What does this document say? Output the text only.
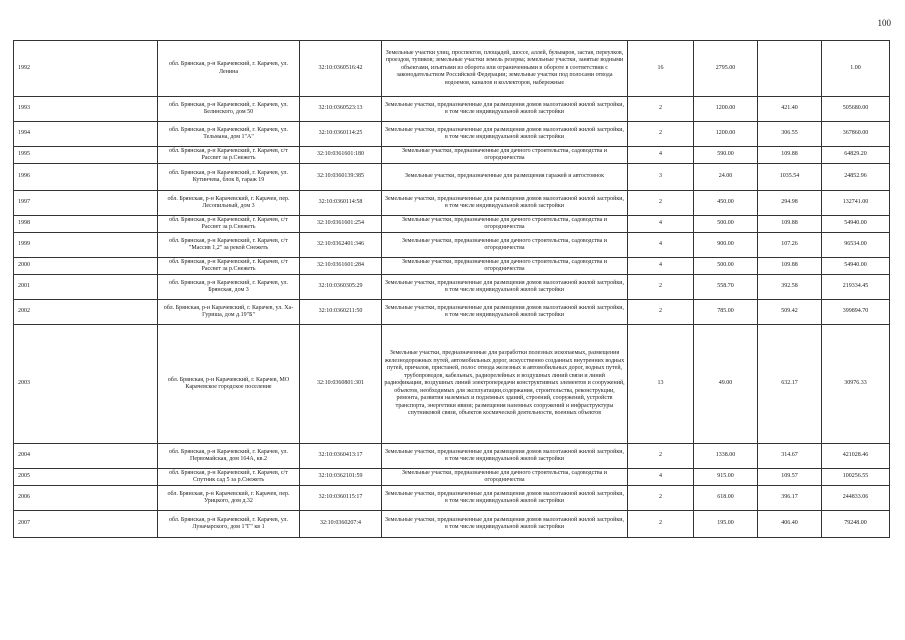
100
1992	обл. Брянская, р-н Карачевский, г. Карачев, ул. Ленина	32:10:0360516:42	Земельные участки улиц, проспектов, площадей, шоссе, аллей, бульваров, застав, переулков, проездов, тупиков; земельные участки земель резерва; земельные участки, занятые водными объектами, изъятыми из оборота или ограниченными в обороте в соответствии с законодательством Российской Федерации; земельные участки под полосами отвода водоемов, каналов и коллекторов, набережные	16	2795.00		1.00
1993	обл. Брянская, р-н Карачевский, г. Карачев, ул. Белинского, дом 50	32:10:0360523:13	Земельные участки, предназначенные для размещения домов малоэтажной жилой застройки, в том числе индивидуальной жилой застройки	2	1200.00	421.40	505680.00
1994	обл. Брянская, р-н Карачевский, г. Карачев, ул. Тельмана, дом 1"А"	32:10:0360114:25	Земельные участки, предназначенные для размещения домов малоэтажной жилой застройки, в том числе индивидуальной жилой застройки	2	1200.00	306.55	367860.00
1995	обл. Брянская, р-н Карачевский, г. Карачев, с/т Рассвет за р.Снежеть	32:10:0361601:180	Земельные участки, предназначенные для дачного строительства, садоводства и огородничества	4	590.00	109.88	64829.20
1996	обл. Брянская, р-н Карачевский, г. Карачев, ул. Кутинчева, блок 8, гараж 19	32:10:0360139:385	Земельные участки, предназначенные для размещения гаражей и автостоянок	3	24.00	1035.54	24852.96
1997	обл. Брянская, р-н Карачевский, г. Карачев, пер. Лесопильный, дом 3	32:10:0360114:58	Земельные участки, предназначенные для размещения домов малоэтажной жилой застройки, в том числе индивидуальной жилой застройки	2	450.00	294.98	132741.00
1998	обл. Брянская, р-н Карачевский, г. Карачев, с/т Рассвет за р.Снежеть	32:10:0361601:254	Земельные участки, предназначенные для дачного строительства, садоводства и огородничества	4	500.00	109.88	54940.00
1999	обл. Брянская, р-н Карачевский, г. Карачев, с/т "Массив 1,2" за рекой Снежеть	32:10:0362401:346	Земельные участки, предназначенные для дачного строительства, садоводства и огородничества	4	900.00	107.26	96534.00
2000	обл. Брянская, р-н Карачевский, г. Карачев, с/т Рассвет за р.Снежеть	32:10:0361601:284	Земельные участки, предназначенные для дачного строительства, садоводства и огородничества	4	500.00	109.88	54940.00
2001	обл. Брянская, р-н Карачевский, г. Карачев, ул. Брянская, дом 3	32:10:0360305:29	Земельные участки, предназначенные для размещения домов малоэтажной жилой застройки, в том числе индивидуальной жилой застройки	2	558.70	392.58	219334.45
2002	обл. Брянская, р-н Карачевский, г. Карачев, ул. Ха-Гуриша, дом д.19"Б"	32:10:0360211:50	Земельные участки, предназначенные для размещения домов малоэтажной жилой застройки, в том числе индивидуальной жилой застройки	2	785.00	509.42	399894.70
2003	обл. Брянская, р-н Карачевский, г. Карачев, МО Карачевское городское поселение	32:10:0360801:301	Земельные участки, предназначенные для разработки полезных ископаемых, размещения железнодорожных путей, автомобильных дорог, искусственно созданных внутренних водных путей, причалов, пристаней, полос отвода железных и автомобильных дорог, водных путей, трубопроводов, кабельных, радиорелейных и воздушных линий связи и линий радиофикации, воздушных линий электропередачи конструктивных элементов и сооружений, объектов, необходимых для эксплуатации,содержания, строительства, реконструкции, ремонта, развития наземных и подземных зданий, строений, сооружений, устройств транспорта, энергетики ивязи; размещения наземных сооружений и инфраструктуры спутниковой связи, объектов космической деятельности, военных объектов	13	49.00	632.17	30976.33
2004	обл. Брянская, р-н Карачевский, г. Карачев, ул. Первомайская, дом 164А, кв.2	32:10:0360413:17	Земельные участки, предназначенные для размещения домов малоэтажной жилой застройки, в том числе индивидуальной жилой застройки	2	1338.00	314.67	421028.46
2005	обл. Брянская, р-н Карачевский, г. Карачев, с/т Спутник сад 5 за р.Снежеть	32:10:0362101:59	Земельные участки, предназначенные для дачного строительства, садоводства и огородничества	4	915.00	109.57	100256.55
2006	обл. Брянская, р-н Карачевский, г. Карачев, пер. Урицкого, дом д.32	32:10:0360115:17	Земельные участки, предназначенные для размещения домов малоэтажной жилой застройки, в том числе индивидуальной жилой застройки	2	618.00	396.17	244833.06
2007	обл. Брянская, р-н Карачевский, г. Карачев, ул. Луначарского, дом 1"Г" кв 1	32:10:0360207:4	Земельные участки, предназначенные для размещения домов малоэтажной жилой застройки, в том числе индивидуальной жилой застройки	2	195.00	406.40	79248.00
